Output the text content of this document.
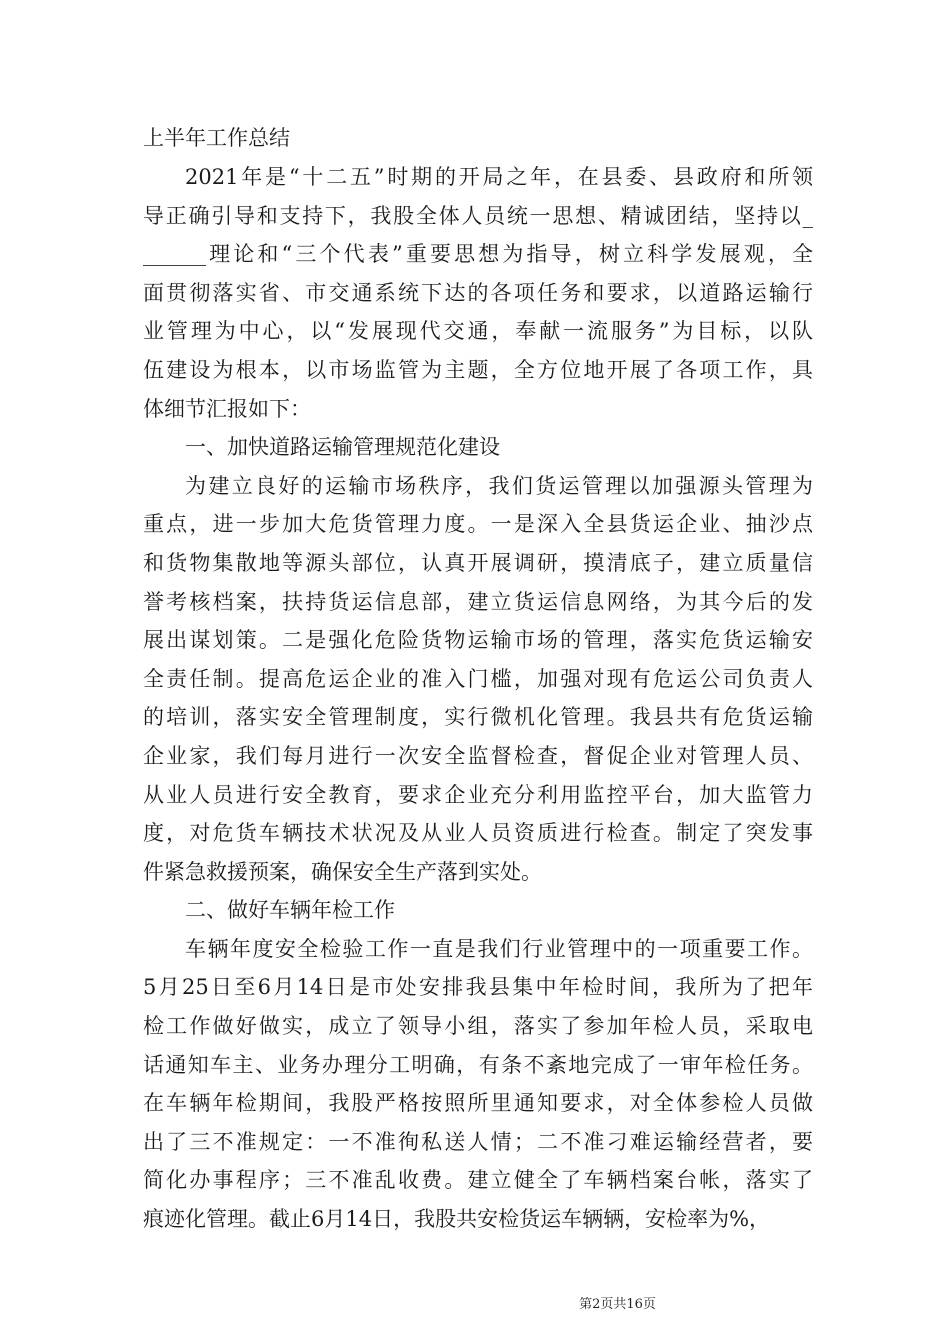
上半年工作总结
2021年是“十二五”时期的开局之年，在县委、县政府和所领
导正确引导和支持下，我股全体人员统一思想、精诚团结，坚持以_
______理论和“三个代表”重要思想为指导，树立科学发展观，全
面贯彻落实省、市交通系统下达的各项任务和要求，以道路运输行
业管理为中心，以“发展现代交通，奉献一流服务”为目标，以队
伍建设为根本，以市场监管为主题，全方位地开展了各项工作，具
体细节汇报如下：
一、加快道路运输管理规范化建设
为建立良好的运输市场秩序，我们货运管理以加强源头管理为
重点，进一步加大危货管理力度。一是深入全县货运企业、抽沙点
和货物集散地等源头部位，认真开展调研，摸清底子，建立质量信
誉考核档案，扶持货运信息部，建立货运信息网络，为其今后的发
展出谋划策。二是强化危险货物运输市场的管理，落实危货运输安
全责任制。提高危运企业的准入门槛，加强对现有危运公司负责人
的培训，落实安全管理制度，实行微机化管理。我县共有危货运输
企业家，我们每月进行一次安全监督检查，督促企业对管理人员、
从业人员进行安全教育，要求企业充分利用监控平台，加大监管力
度，对危货车辆技术状况及从业人员资质进行检查。制定了突发事
件紧急救援预案，确保安全生产落到实处。
二、做好车辆年检工作
车辆年度安全检验工作一直是我们行业管理中的一项重要工作。
5月25日至6月14日是市处安排我县集中年检时间，我所为了把年
检工作做好做实，成立了领导小组，落实了参加年检人员，采取电
话通知车主、业务办理分工明确，有条不紊地完成了一审年检任务。
在车辆年检期间，我股严格按照所里通知要求，对全体参检人员做
出了三不准规定：一不准徇私送人情；二不准刁难运输经营者，要
简化办事程序；三不准乱收费。建立健全了车辆档案台帐，落实了
痕迹化管理。截止6月14日，我股共安检货运车辆辆，安检率为%，
第2页共16页
